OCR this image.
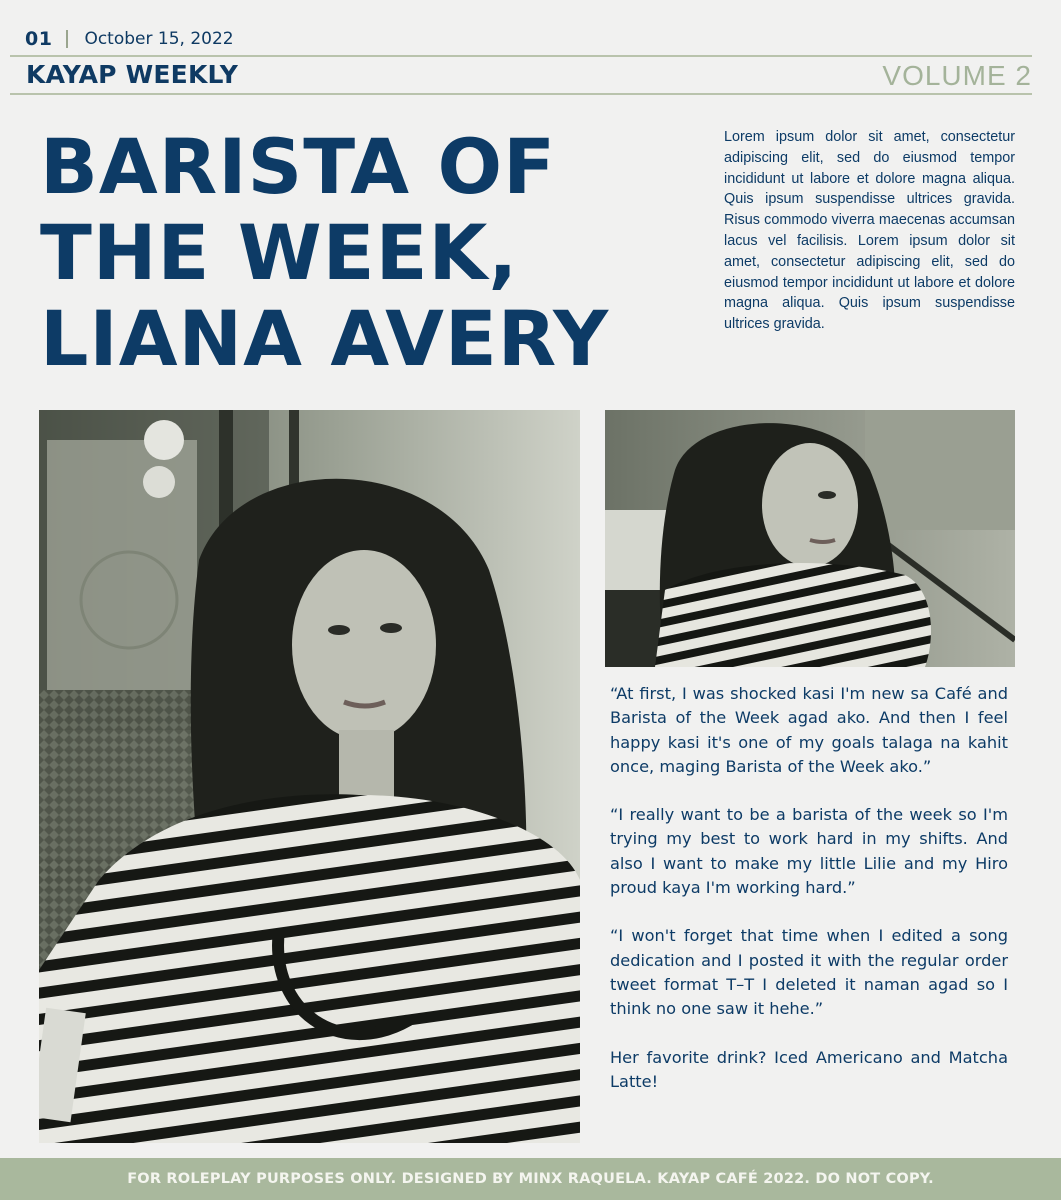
01 October 15, 2022
KAYAP WEEKLY	VOLUME 2
BARISTA OF
THE WEEK,
LIANA AVERY

Lorem ipsum dolor sit amet, consectetur adipiscing elit, sed do eiusmod tempor incididunt ut labore et dolore magna aliqua. Quis ipsum suspendisse ultrices gravida. Risus commodo viverra maecenas accumsan lacus vel facilisis. Lorem ipsum dolor sit amet, consectetur adipiscing elit, sed do eiusmod tempor incididunt ut labore et dolore magna aliqua. Quis ipsum suspendisse ultrices gravida.

“At first, I was shocked kasi I'm new sa Café and Barista of the Week agad ako. And then I feel happy kasi it's one of my goals talaga na kahit once, maging Barista of the Week ako.”

“I really want to be a barista of the week so I'm trying my best to work hard in my shifts. And also I want to make my little Lilie and my Hiro proud kaya I'm working hard.”

“I won't forget that time when I edited a song dedication and I posted it with the regular order tweet format T–T I deleted it naman agad so I think no one saw it hehe.”

Her favorite drink? Iced Americano and Matcha Latte!

FOR ROLEPLAY PURPOSES ONLY. DESIGNED BY MINX RAQUELA. KAYAP CAFÉ 2022. DO NOT COPY.
